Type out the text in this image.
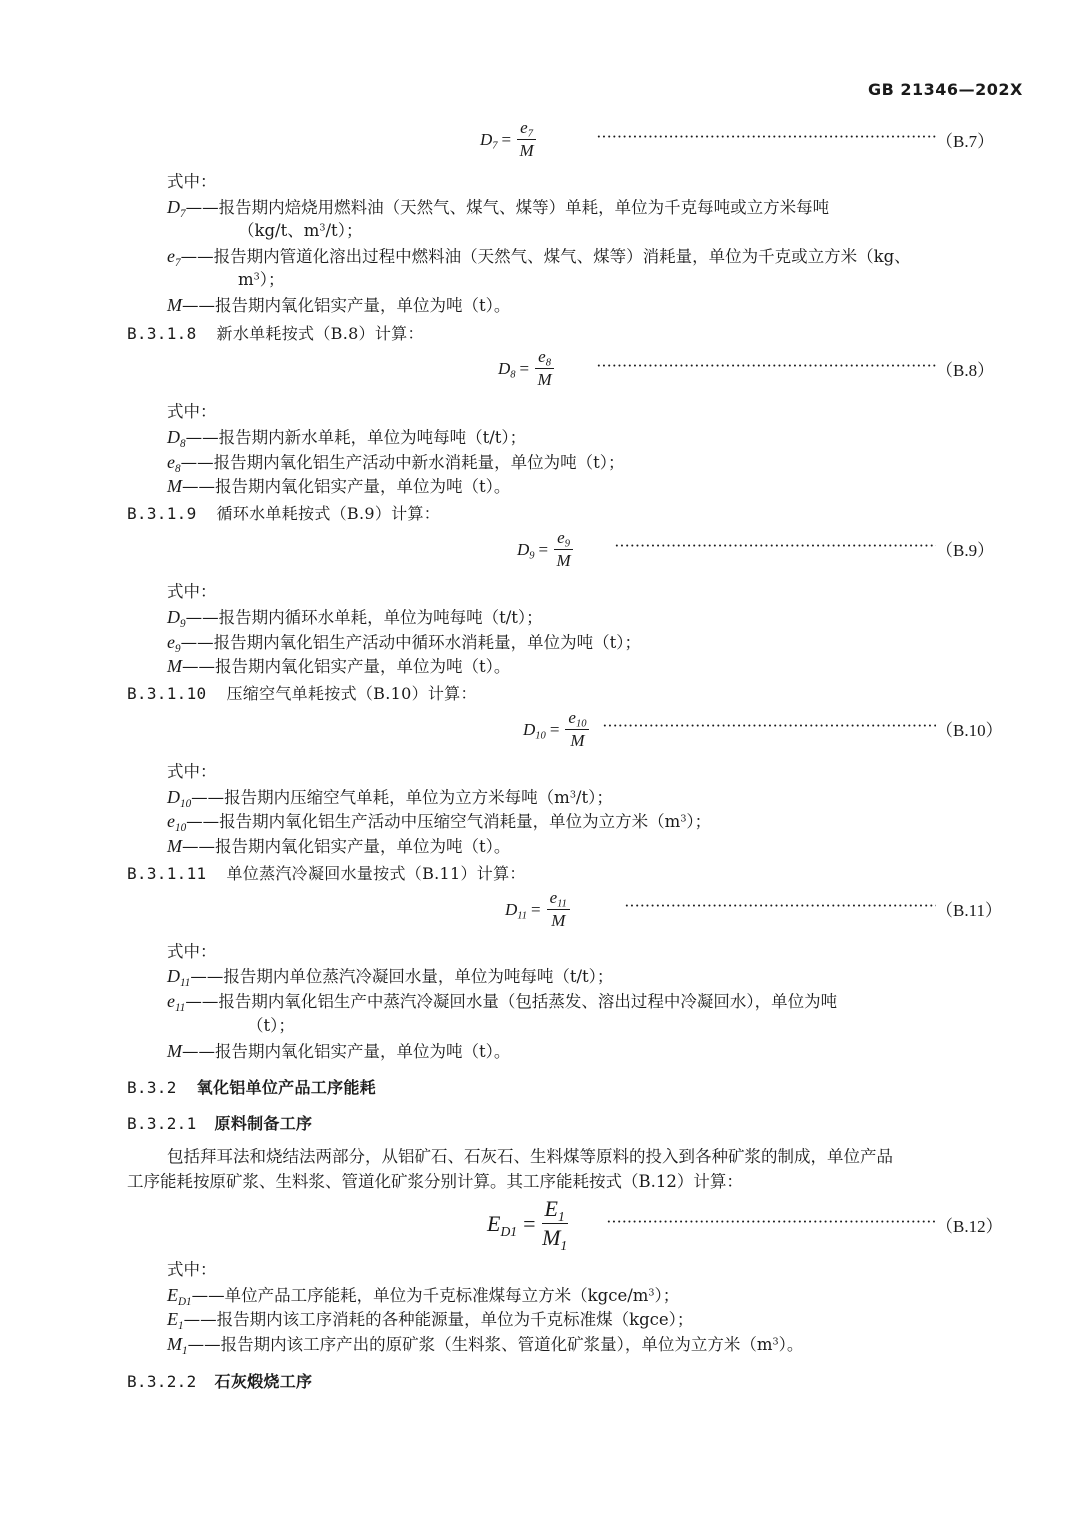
GB 21346—202X
$D_7 = \frac{e_7}{M}$ ·····	（B.7）
式中：
$D_7——$报告期内焙烧用燃料油（天然气、煤气、煤等）单耗，单位为千克每吨或立方米每吨
（kg/t、$m^3/t$）；
$e_7——$报告期内管道化溶出过程中燃料油（天然气、煤气、煤等）消耗量，单位为千克或立方米（kg、
$m^3$）；
M——报告期内氧化铝实产量，单位为吨（t）。
B.3.1.8 新水单耗按式（B.8）计算：
$D_8 = \frac{e_8}{M}$ ·····	（B.8）
式中：
$D_8——$报告期内新水单耗，单位为吨每吨（t/t）；
$e_8——$报告期内氧化铝生产活动中新水消耗量，单位为吨（t）；
M——报告期内氧化铝实产量，单位为吨（t）。
B.3.1.9 循环水单耗按式（B.9）计算：
$D_9 = \frac{e_9}{M}$ ·····	（B.9）
式中：
$D_9——$报告期内循环水单耗，单位为吨每吨（t/t）；
$e_9——$报告期内氧化铝生产活动中循环水消耗量，单位为吨（t）；
M——报告期内氧化铝实产量，单位为吨（t）。
B.3.1.10 压缩空气单耗按式（B.10）计算：
$D_{10} = \frac{e_{10}}{M}$ ·····	（B.10）
式中：
$D_{10}——$报告期内压缩空气单耗，单位为立方米每吨$(m^3/t)$；
$e_{10}——$报告期内氧化铝生产活动中压缩空气消耗量，单位为立方米$(m^3)$；
M——报告期内氧化铝实产量，单位为吨（t）。
B.3.1.11 单位蒸汽冷凝回水量按式（B.11）计算：
$D_{11} = \frac{e_{11}}{M}$ ·····	（B.11）
式中：
$D_{11}——$报告期内单位蒸汽冷凝回水量，单位为吨每吨（t/t）；
$e_{11}——$报告期内氧化铝生产中蒸汽冷凝回水量（包括蒸发、溶出过程中冷凝回水），单位为吨
（t）；
M——报告期内氧化铝实产量，单位为吨（t）。
B.3.2 氧化铝单位产品工序能耗
B.3.2.1 原料制备工序
包括拜耳法和烧结法两部分，从铝矿石、石灰石、生料煤等原料的投入到各种矿浆的制成，单位产品
工序能耗按原矿浆、生料浆、管道化矿浆分别计算。其工序能耗按式（B.12）计算：
$E_{D1} = \frac{E_1}{M_1}$ ·····	（B.12）
式中：
$E_{D1}——$单位产品工序能耗，单位为千克标准煤每立方米$(kgce/m^3)$；
$E_1——$报告期内该工序消耗的各种能源量，单位为千克标准煤（kgce）；
$M_1——$报告期内该工序产出的原矿浆（生料浆、管道化矿浆量），单位为立方米$(m^3)$。
B.3.2.2 石灰煅烧工序
